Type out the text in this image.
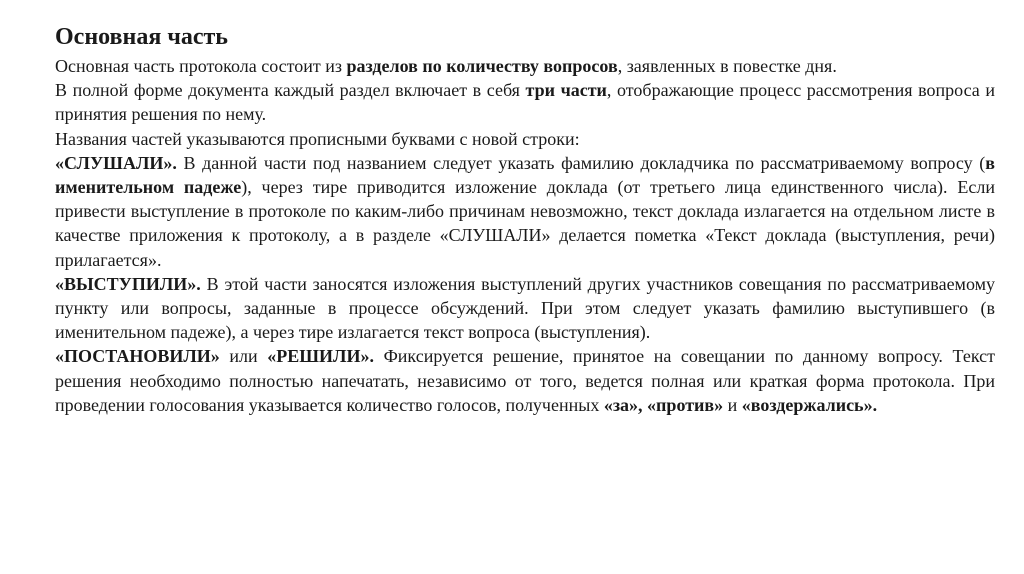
Основная часть

Основная часть протокола состоит из разделов по количеству вопросов, заявленных в повестке дня.

В полной форме документа каждый раздел включает в себя три части, отображающие процесс рассмотрения вопроса и принятия решения по нему.

Названия частей указываются прописными буквами с новой строки:

«СЛУШАЛИ». В данной части под названием следует указать фамилию докладчика по рассматриваемому вопросу (в именительном падеже), через тире приводится изложение доклада (от третьего лица единственного числа). Если привести выступление в протоколе по каким-либо причинам невозможно, текст доклада излагается на отдельном листе в качестве приложения к протоколу, а в разделе «СЛУШАЛИ» делается пометка «Текст доклада (выступления, речи) прилагается».

«ВЫСТУПИЛИ». В этой части заносятся изложения выступлений других участников совещания по рассматриваемому пункту или вопросы, заданные в процессе обсуждений. При этом следует указать фамилию выступившего (в именительном падеже), а через тире излагается текст вопроса (выступления).

«ПОСТАНОВИЛИ» или «РЕШИЛИ». Фиксируется решение, принятое на совещании по данному вопросу. Текст решения необходимо полностью напечатать, независимо от того, ведется полная или краткая форма протокола. При проведении голосования указывается количество голосов, полученных «за», «против» и «воздержались».
